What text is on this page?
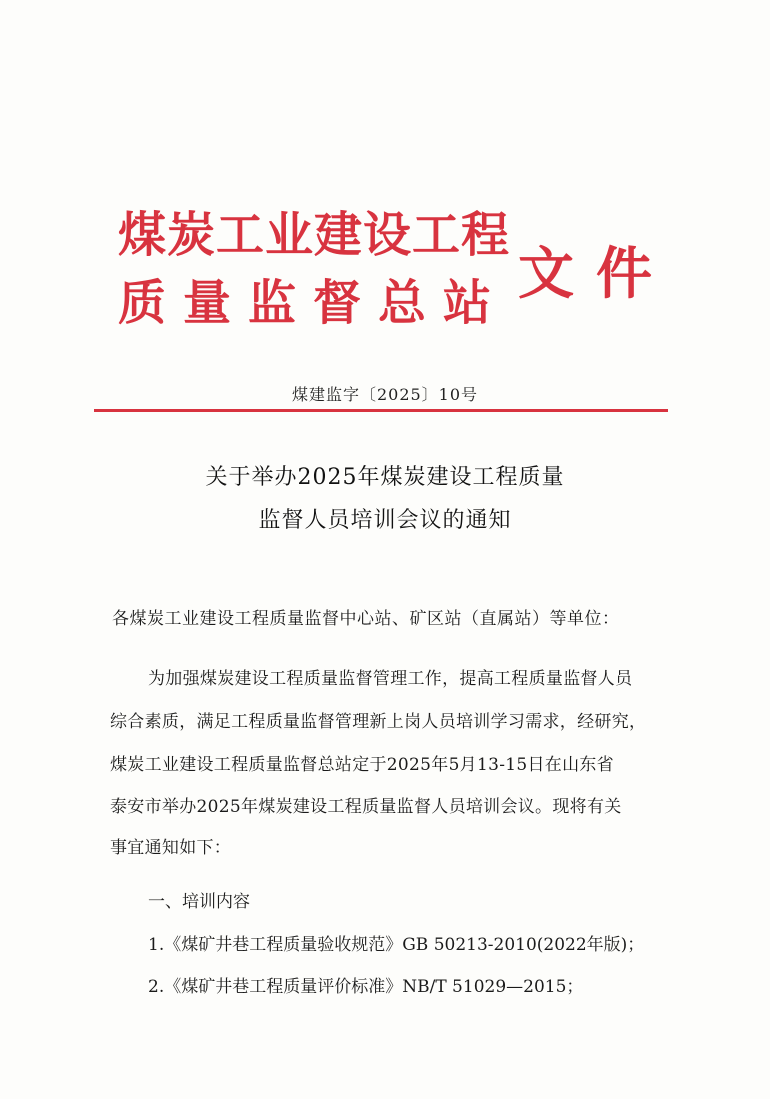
煤炭工业建设工程
质量监督总站 文件
煤建监字〔2025〕10号
关于举办2025年煤炭建设工程质量
监督人员培训会议的通知
各煤炭工业建设工程质量监督中心站、矿区站（直属站）等单位：
为加强煤炭建设工程质量监督管理工作，提高工程质量监督人员
综合素质，满足工程质量监督管理新上岗人员培训学习需求，经研究，
煤炭工业建设工程质量监督总站定于2025年5月13-15日在山东省
泰安市举办2025年煤炭建设工程质量监督人员培训会议。现将有关
事宜通知如下：
一、培训内容
1.《煤矿井巷工程质量验收规范》GB 50213-2010(2022年版)；
2.《煤矿井巷工程质量评价标准》NB/T 51029—2015；
